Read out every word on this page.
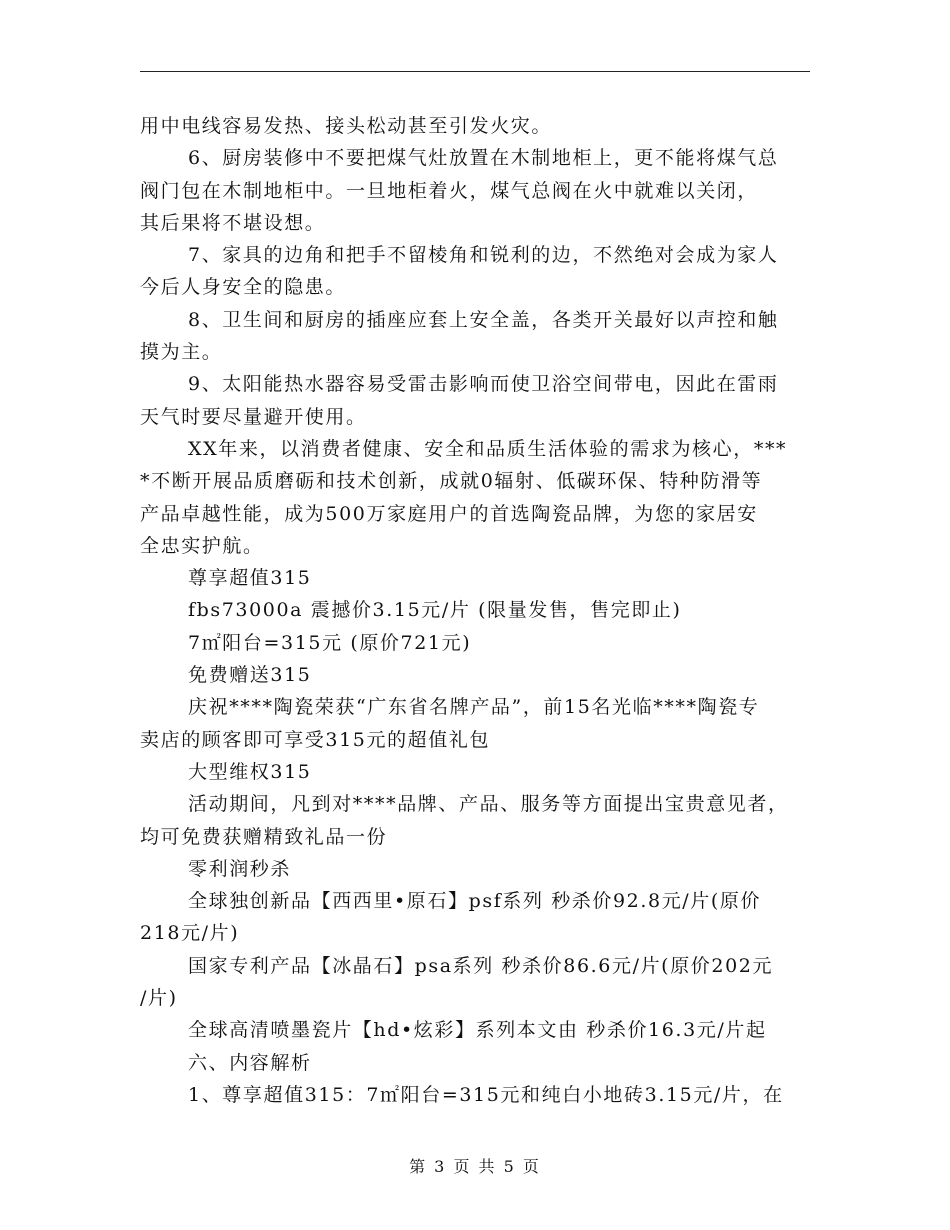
用中电线容易发热、接头松动甚至引发火灾。
6、厨房装修中不要把煤气灶放置在木制地柜上，更不能将煤气总
阀门包在木制地柜中。一旦地柜着火，煤气总阀在火中就难以关闭，
其后果将不堪设想。
7、家具的边角和把手不留棱角和锐利的边，不然绝对会成为家人
今后人身安全的隐患。
8、卫生间和厨房的插座应套上安全盖，各类开关最好以声控和触
摸为主。
9、太阳能热水器容易受雷击影响而使卫浴空间带电，因此在雷雨
天气时要尽量避开使用。
XX年来，以消费者健康、安全和品质生活体验的需求为核心，***
*不断开展品质磨砺和技术创新，成就0辐射、低碳环保、特种防滑等
产品卓越性能，成为500万家庭用户的首选陶瓷品牌，为您的家居安
全忠实护航。
尊享超值315
fbs73000a 震撼价3.15元/片 (限量发售，售完即止)
7㎡阳台=315元 (原价721元)
免费赠送315
庆祝****陶瓷荣获“广东省名牌产品”，前15名光临****陶瓷专
卖店的顾客即可享受315元的超值礼包
大型维权315
活动期间，凡到对****品牌、产品、服务等方面提出宝贵意见者，
均可免费获赠精致礼品一份
零利润秒杀
全球独创新品【西西里•原石】psf系列 秒杀价92.8元/片(原价
218元/片)
国家专利产品【冰晶石】psa系列 秒杀价86.6元/片(原价202元
/片)
全球高清喷墨瓷片【hd•炫彩】系列本文由 秒杀价16.3元/片起
六、内容解析
1、尊享超值315：7㎡阳台=315元和纯白小地砖3.15元/片，在
第 3 页 共 5 页
